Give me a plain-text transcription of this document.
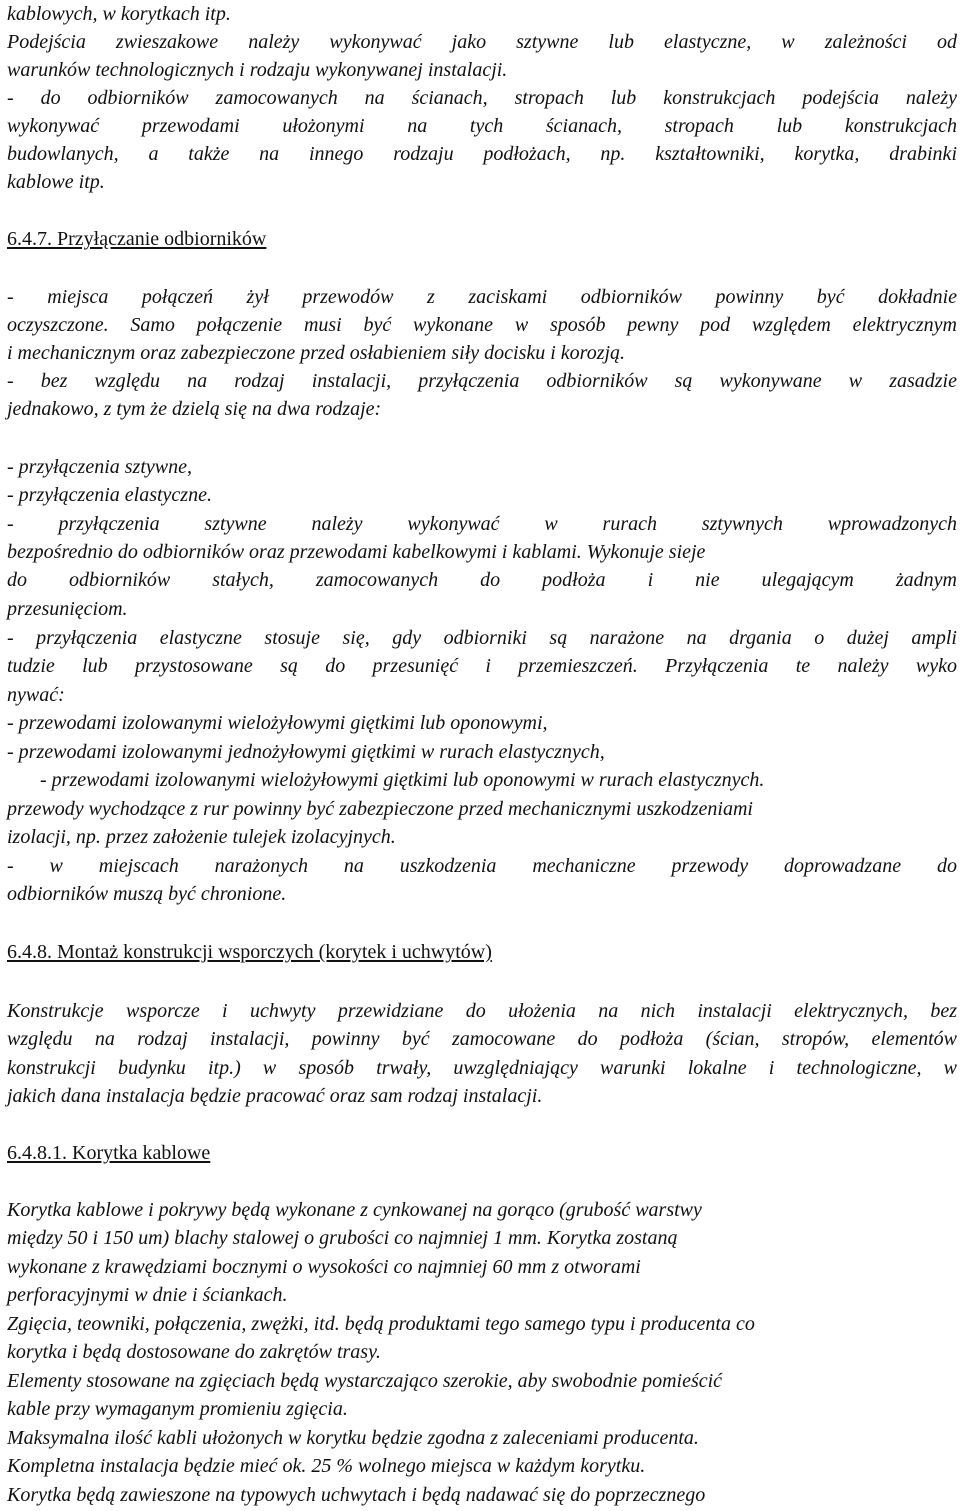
kablowych, w korytkach itp.

Podejścia zwieszakowe należy wykonywać jako sztywne lub elastyczne, w zależności od

warunków technologicznych i rodzaju wykonywanej instalacji.

- do odbiorników zamocowanych na ścianach, stropach lub konstrukcjach podejścia należy

wykonywać przewodami ułożonymi na tych ścianach, stropach lub konstrukcjach

budowlanych, a także na innego rodzaju podłożach, np. kształtowniki, korytka, drabinki

kablowe itp.

6.4.7. Przyłączanie odbiorników

- miejsca połączeń żył przewodów z zaciskami odbiorników powinny być dokładnie

oczyszczone. Samo połączenie musi być wykonane w sposób pewny pod względem elektrycznym

i mechanicznym oraz zabezpieczone przed osłabieniem siły docisku i korozją.

- bez względu na rodzaj instalacji, przyłączenia odbiorników są wykonywane w zasadzie

jednakowo, z tym że dzielą się na dwa rodzaje:

- przyłączenia sztywne,

- przyłączenia elastyczne.

- przyłączenia sztywne należy wykonywać w rurach sztywnych wprowadzonych

bezpośrednio do odbiorników oraz przewodami kabelkowymi i kablami. Wykonuje sieje

do odbiorników stałych, zamocowanych do podłoża i nie ulegającym żadnym

przesunięciom.

- przyłączenia elastyczne stosuje się, gdy odbiorniki są narażone na drgania o dużej ampli

tudzie lub przystosowane są do przesunięć i przemieszczeń. Przyłączenia te należy wyko

nywać:

- przewodami izolowanymi wielożyłowymi giętkimi lub oponowymi,

- przewodami izolowanymi jednożyłowymi giętkimi w rurach elastycznych,

- przewodami izolowanymi wielożyłowymi giętkimi lub oponowymi w rurach elastycznych.

przewody wychodzące z rur powinny być zabezpieczone przed mechanicznymi uszkodzeniami

izolacji, np. przez założenie tulejek izolacyjnych.

- w miejscach narażonych na uszkodzenia mechaniczne przewody doprowadzane do

odbiorników muszą być chronione.

6.4.8. Montaż konstrukcji wsporczych (korytek i uchwytów)

Konstrukcje wsporcze i uchwyty przewidziane do ułożenia na nich instalacji elektrycznych, bez

względu na rodzaj instalacji, powinny być zamocowane do podłoża (ścian, stropów, elementów

konstrukcji budynku itp.) w sposób trwały, uwzględniający warunki lokalne i technologiczne, w

jakich dana instalacja będzie pracować oraz sam rodzaj instalacji.

6.4.8.1. Korytka kablowe

Korytka kablowe i pokrywy będą wykonane z cynkowanej na gorąco (grubość warstwy

między 50 i 150 um) blachy stalowej o grubości co najmniej 1 mm. Korytka zostaną

wykonane z krawędziami bocznymi o wysokości co najmniej 60 mm z otworami

perforacyjnymi w dnie i ściankach.

Zgięcia, teowniki, połączenia, zwężki, itd. będą produktami tego samego typu i producenta co

korytka i będą dostosowane do zakrętów trasy.

Elementy stosowane na zgięciach będą wystarczająco szerokie, aby swobodnie pomieścić

kable przy wymaganym promieniu zgięcia.

Maksymalna ilość kabli ułożonych w korytku będzie zgodna z zaleceniami producenta.

Kompletna instalacja będzie mieć ok. 25 % wolnego miejsca w każdym korytku.

Korytka będą zawieszone na typowych uchwytach i będą nadawać się do poprzecznego
